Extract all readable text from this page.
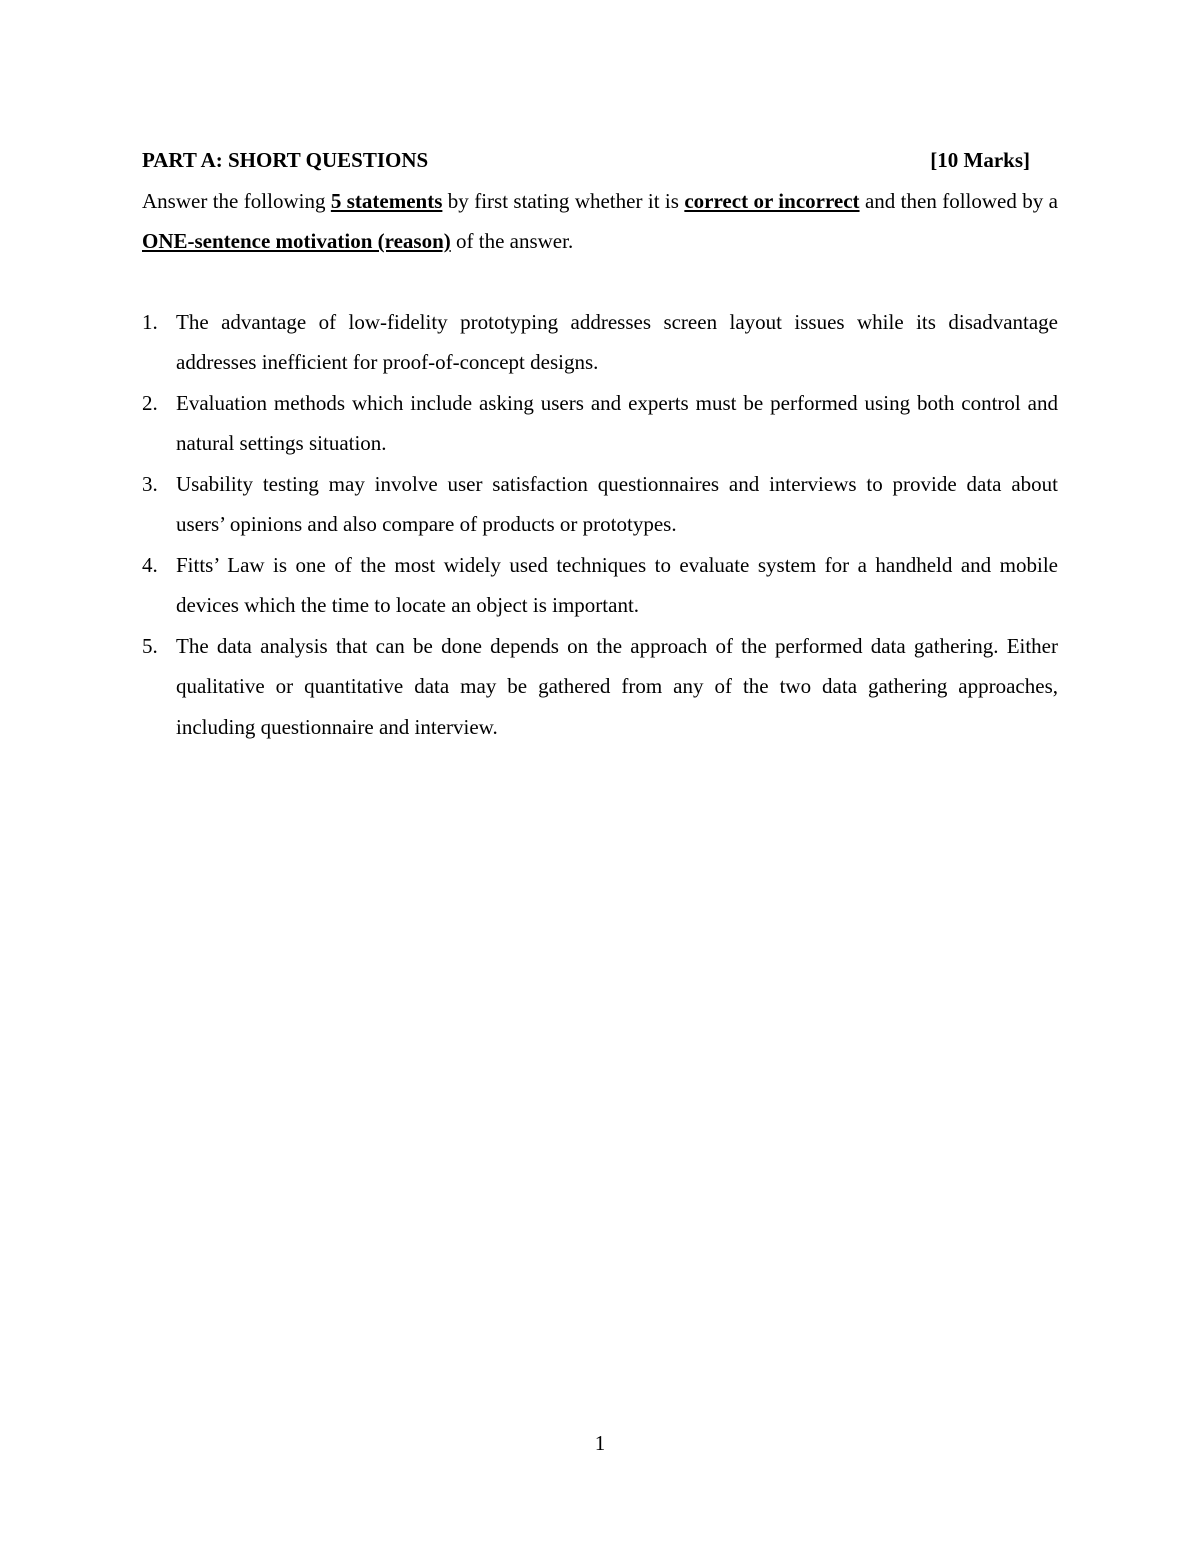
PART A: SHORT QUESTIONS	[10 Marks]

Answer the following 5 statements by first stating whether it is correct or incorrect and then followed by a ONE-sentence motivation (reason) of the answer.

1. The advantage of low-fidelity prototyping addresses screen layout issues while its disadvantage addresses inefficient for proof-of-concept designs.
2. Evaluation methods which include asking users and experts must be performed using both control and natural settings situation.
3. Usability testing may involve user satisfaction questionnaires and interviews to provide data about users’ opinions and also compare of products or prototypes.
4. Fitts’ Law is one of the most widely used techniques to evaluate system for a handheld and mobile devices which the time to locate an object is important.
5. The data analysis that can be done depends on the approach of the performed data gathering. Either qualitative or quantitative data may be gathered from any of the two data gathering approaches, including questionnaire and interview.
1
